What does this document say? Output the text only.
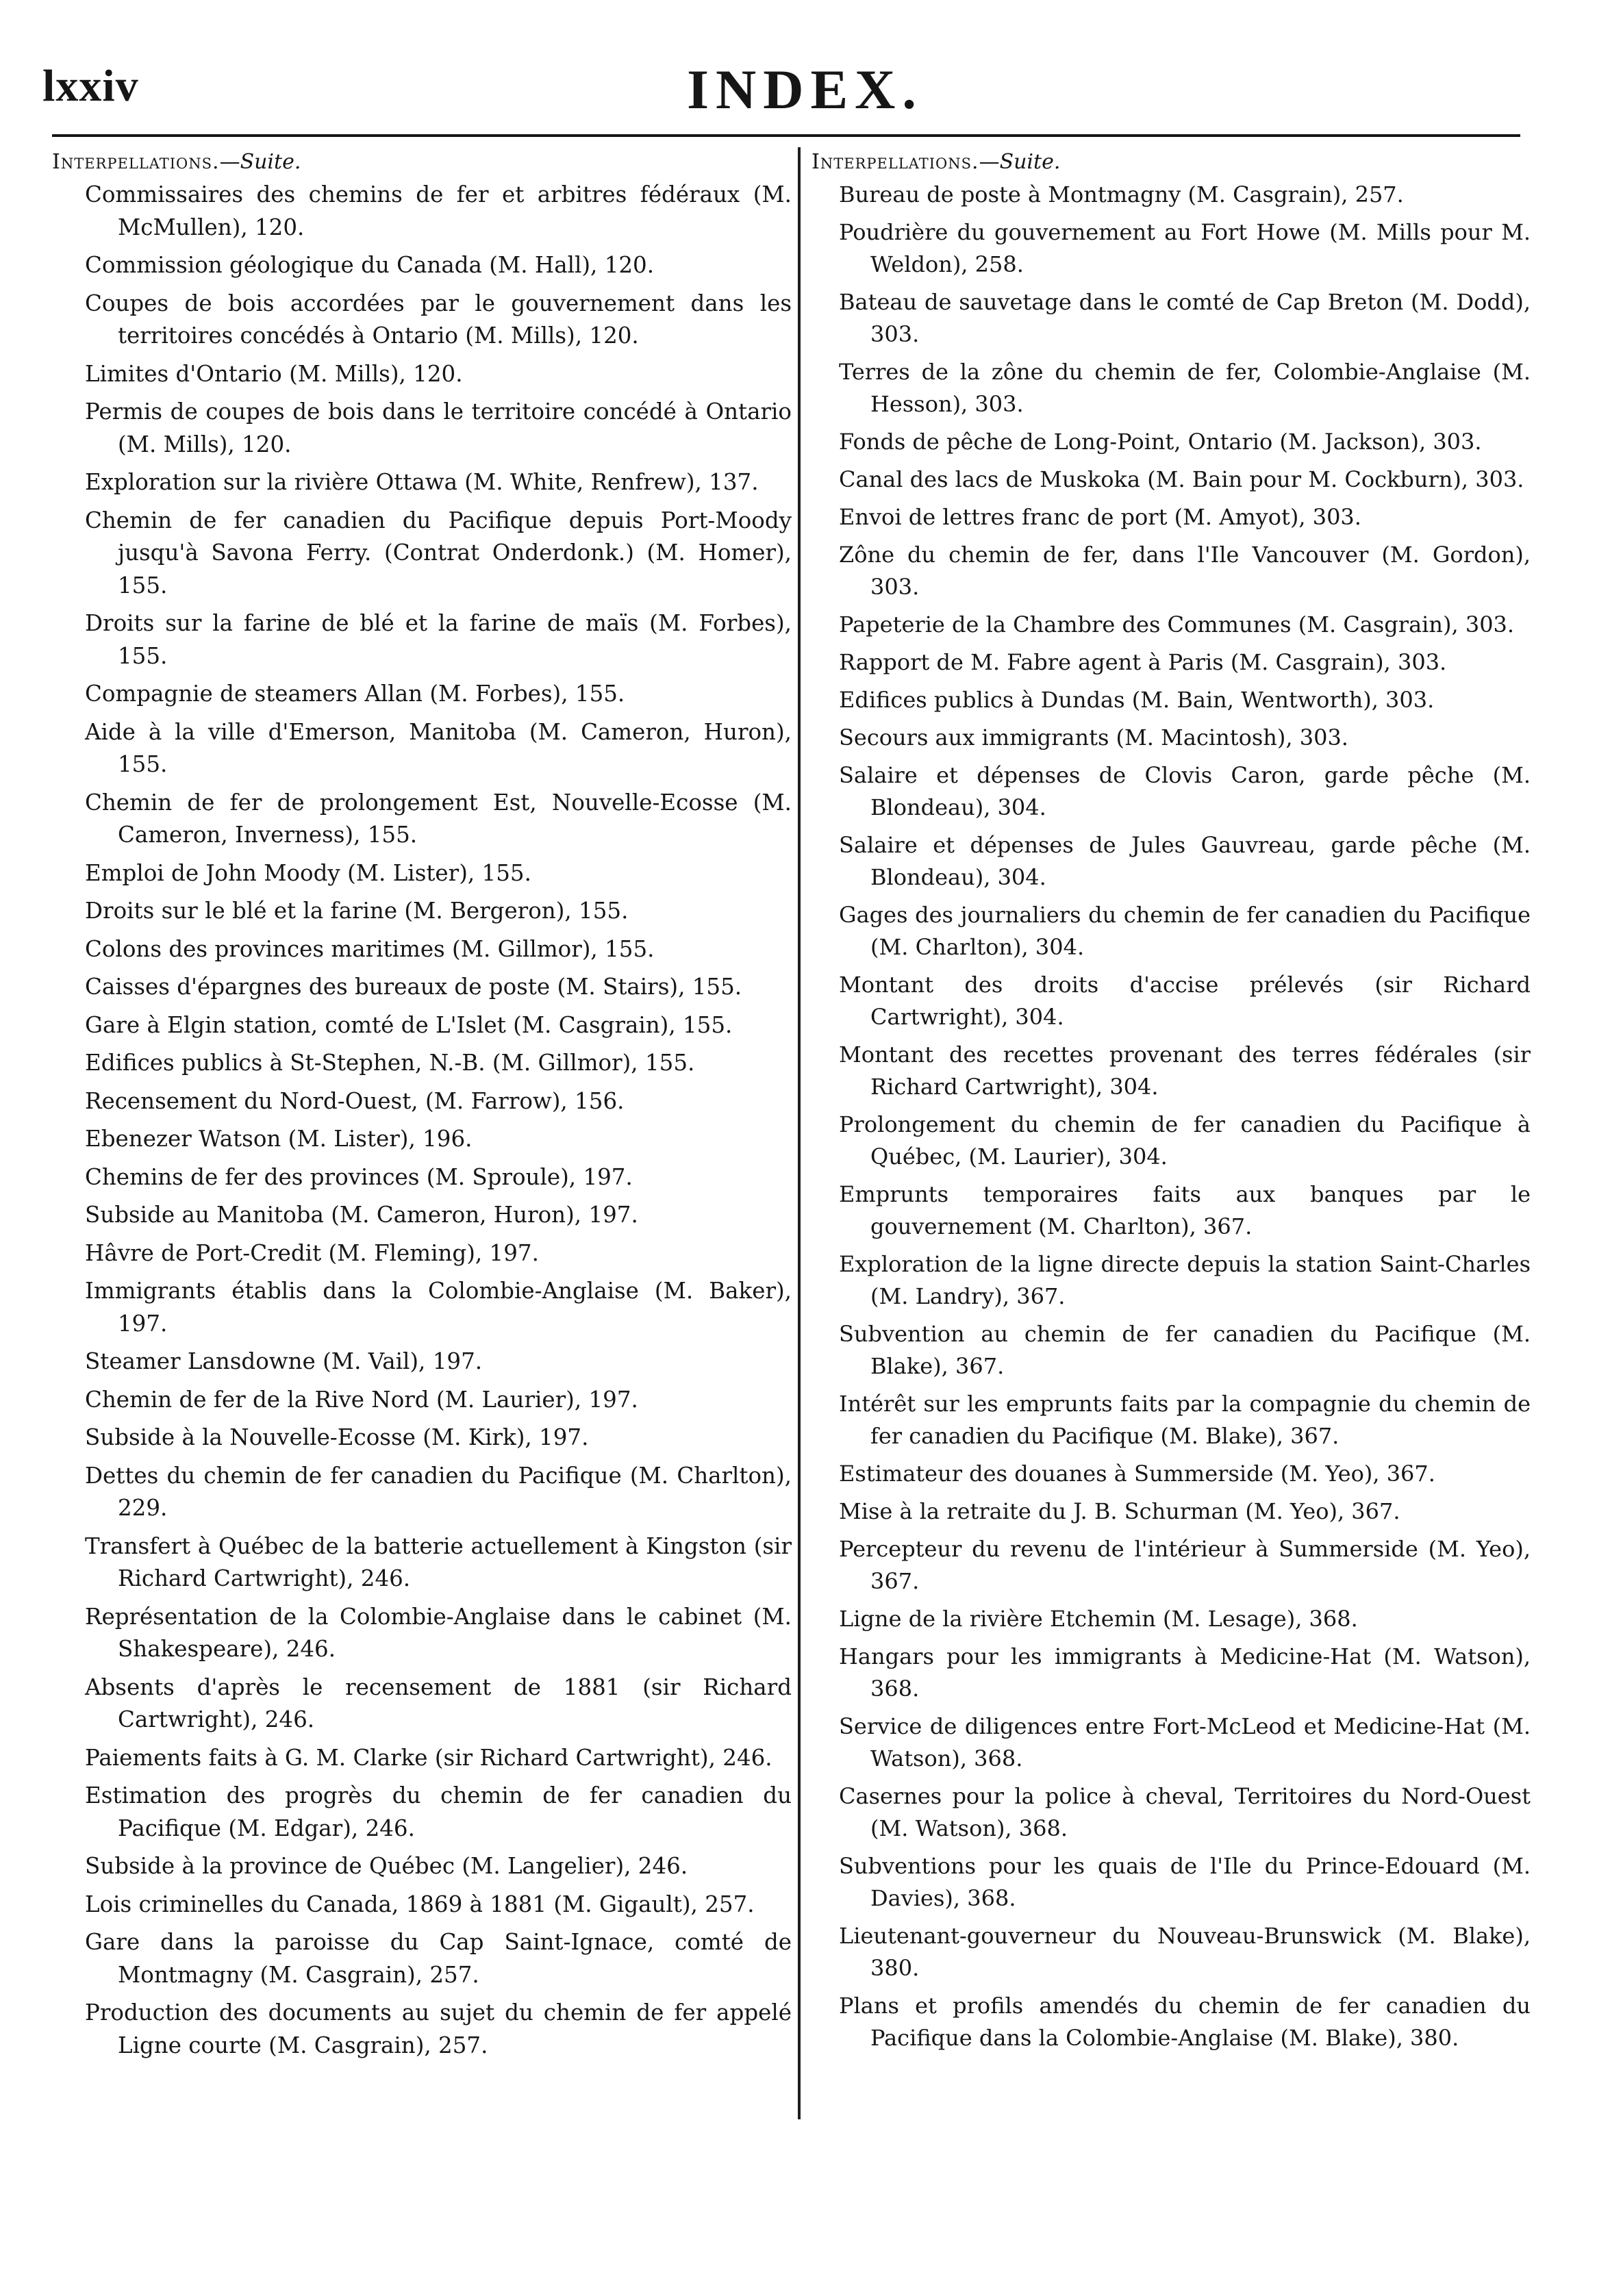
lxxiv	INDEX.
Interpellations.—Suite.

Commissaires des chemins de fer et arbitres fédéraux (M. McMullen), 120.

Commission géologique du Canada (M. Hall), 120.

Coupes de bois accordées par le gouvernement dans les territoires concédés à Ontario (M. Mills), 120.

Limites d'Ontario (M. Mills), 120.

Permis de coupes de bois dans le territoire concédé à Ontario (M. Mills), 120.

Exploration sur la rivière Ottawa (M. White, Renfrew), 137.

Chemin de fer canadien du Pacifique depuis Port-Moody jusqu'à Savona Ferry. (Contrat Onderdonk.) (M. Homer), 155.

Droits sur la farine de blé et la farine de maïs (M. Forbes), 155.

Compagnie de steamers Allan (M. Forbes), 155.

Aide à la ville d'Emerson, Manitoba (M. Cameron, Huron), 155.

Chemin de fer de prolongement Est, Nouvelle-Ecosse (M. Cameron, Inverness), 155.

Emploi de John Moody (M. Lister), 155.

Droits sur le blé et la farine (M. Bergeron), 155.

Colons des provinces maritimes (M. Gillmor), 155.

Caisses d'épargnes des bureaux de poste (M. Stairs), 155.

Gare à Elgin station, comté de L'Islet (M. Casgrain), 155.

Edifices publics à St-Stephen, N.-B. (M. Gillmor), 155.

Recensement du Nord-Ouest, (M. Farrow), 156.

Ebenezer Watson (M. Lister), 196.

Chemins de fer des provinces (M. Sproule), 197.

Subside au Manitoba (M. Cameron, Huron), 197.

Hâvre de Port-Credit (M. Fleming), 197.

Immigrants établis dans la Colombie-Anglaise (M. Baker), 197.

Steamer Lansdowne (M. Vail), 197.

Chemin de fer de la Rive Nord (M. Laurier), 197.

Subside à la Nouvelle-Ecosse (M. Kirk), 197.

Dettes du chemin de fer canadien du Pacifique (M. Charlton), 229.

Transfert à Québec de la batterie actuellement à Kingston (sir Richard Cartwright), 246.

Représentation de la Colombie-Anglaise dans le cabinet (M. Shakespeare), 246.

Absents d'après le recensement de 1881 (sir Richard Cartwright), 246.

Paiements faits à G. M. Clarke (sir Richard Cartwright), 246.

Estimation des progrès du chemin de fer canadien du Pacifique (M. Edgar), 246.

Subside à la province de Québec (M. Langelier), 246.

Lois criminelles du Canada, 1869 à 1881 (M. Gigault), 257.

Gare dans la paroisse du Cap Saint-Ignace, comté de Montmagny (M. Casgrain), 257.

Production des documents au sujet du chemin de fer appelé Ligne courte (M. Casgrain), 257.

Interpellations.—Suite.

Bureau de poste à Montmagny (M. Casgrain), 257.

Poudrière du gouvernement au Fort Howe (M. Mills pour M. Weldon), 258.

Bateau de sauvetage dans le comté de Cap Breton (M. Dodd), 303.

Terres de la zône du chemin de fer, Colombie-Anglaise (M. Hesson), 303.

Fonds de pêche de Long-Point, Ontario (M. Jackson), 303.

Canal des lacs de Muskoka (M. Bain pour M. Cockburn), 303.

Envoi de lettres franc de port (M. Amyot), 303.

Zône du chemin de fer, dans l'Ile Vancouver (M. Gordon), 303.

Papeterie de la Chambre des Communes (M. Casgrain), 303.

Rapport de M. Fabre agent à Paris (M. Casgrain), 303.

Edifices publics à Dundas (M. Bain, Wentworth), 303.

Secours aux immigrants (M. Macintosh), 303.

Salaire et dépenses de Clovis Caron, garde pêche (M. Blondeau), 304.

Salaire et dépenses de Jules Gauvreau, garde pêche (M. Blondeau), 304.

Gages des journaliers du chemin de fer canadien du Pacifique (M. Charlton), 304.

Montant des droits d'accise prélevés (sir Richard Cartwright), 304.

Montant des recettes provenant des terres fédérales (sir Richard Cartwright), 304.

Prolongement du chemin de fer canadien du Pacifique à Québec, (M. Laurier), 304.

Emprunts temporaires faits aux banques par le gouvernement (M. Charlton), 367.

Exploration de la ligne directe depuis la station Saint-Charles (M. Landry), 367.

Subvention au chemin de fer canadien du Pacifique (M. Blake), 367.

Intérêt sur les emprunts faits par la compagnie du chemin de fer canadien du Pacifique (M. Blake), 367.

Estimateur des douanes à Summerside (M. Yeo), 367.

Mise à la retraite du J. B. Schurman (M. Yeo), 367.

Percepteur du revenu de l'intérieur à Summerside (M. Yeo), 367.

Ligne de la rivière Etchemin (M. Lesage), 368.

Hangars pour les immigrants à Medicine-Hat (M. Watson), 368.

Service de diligences entre Fort-McLeod et Medicine-Hat (M. Watson), 368.

Casernes pour la police à cheval, Territoires du Nord-Ouest (M. Watson), 368.

Subventions pour les quais de l'Ile du Prince-Edouard (M. Davies), 368.

Lieutenant-gouverneur du Nouveau-Brunswick (M. Blake), 380.

Plans et profils amendés du chemin de fer canadien du Pacifique dans la Colombie-Anglaise (M. Blake), 380.
